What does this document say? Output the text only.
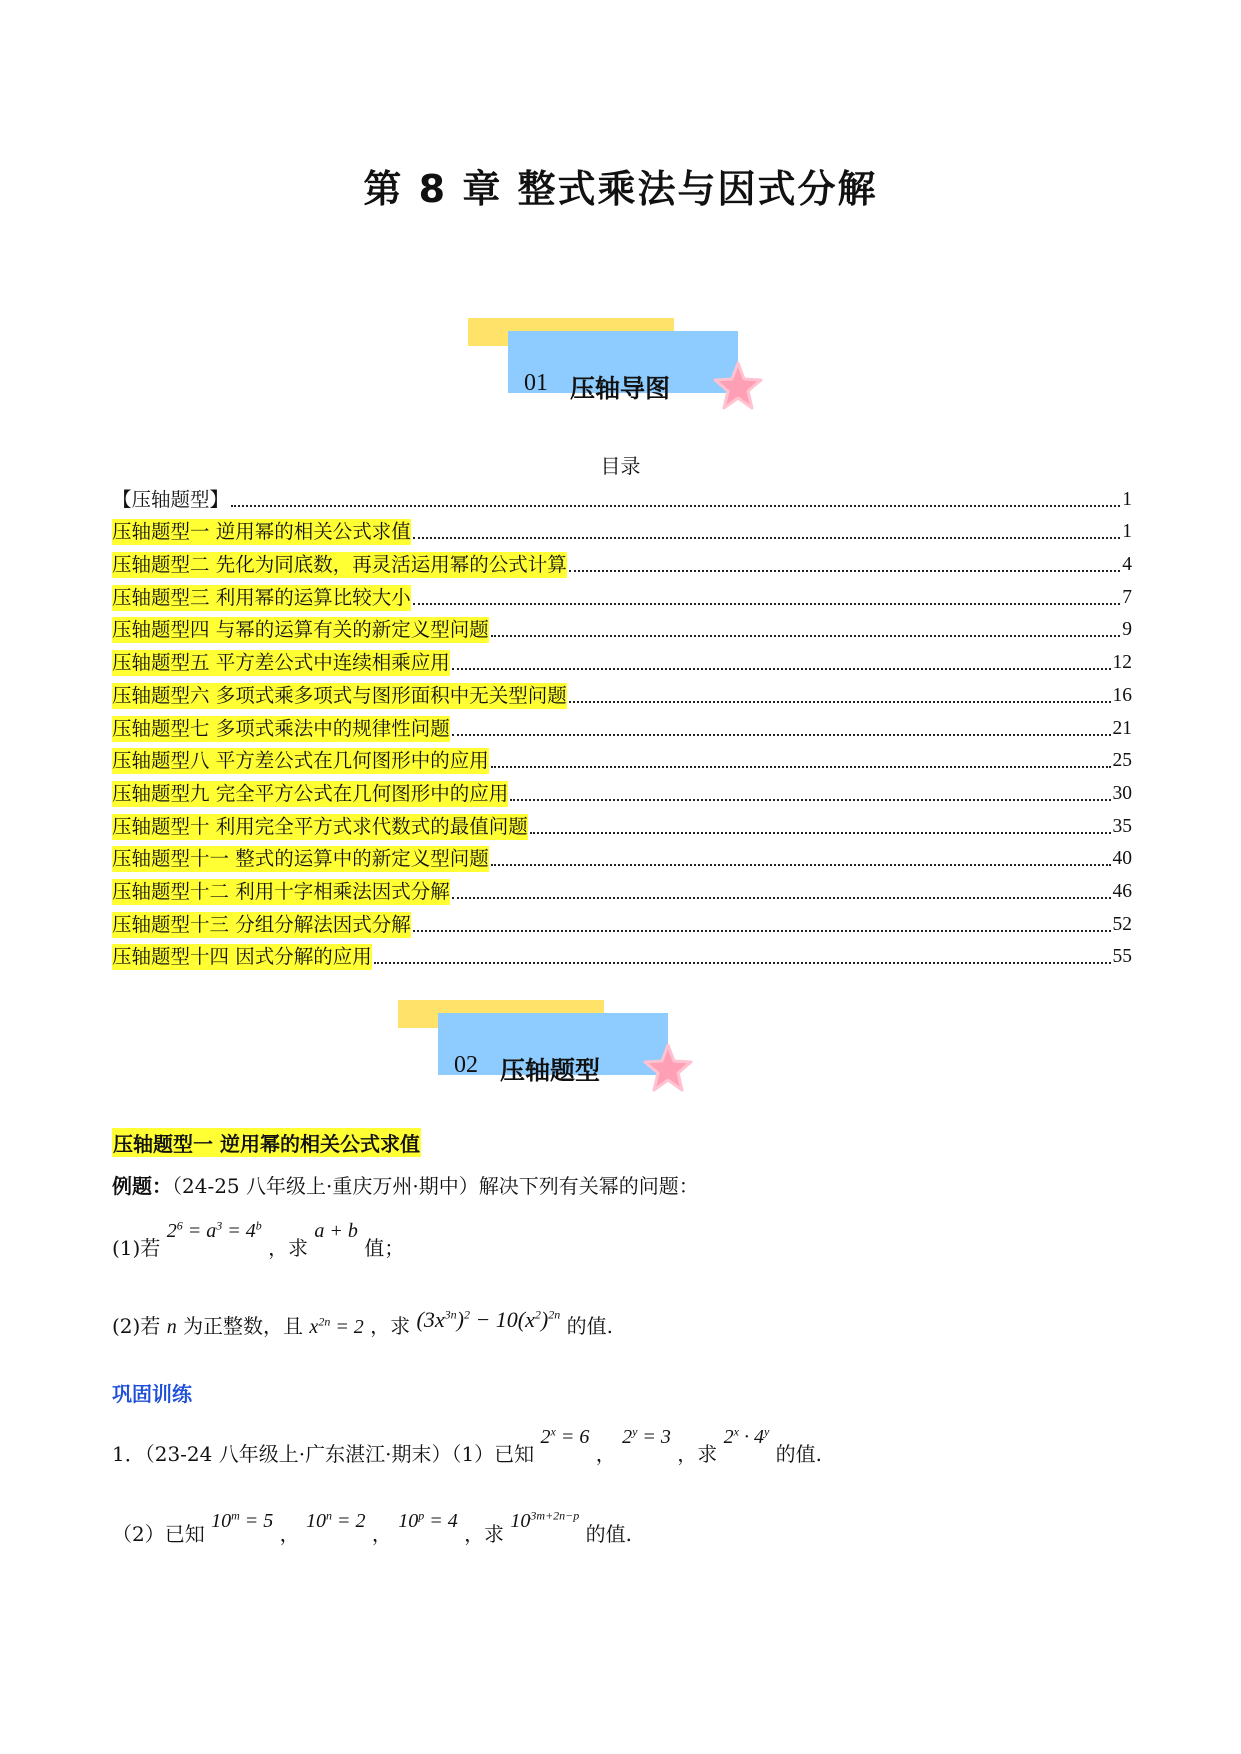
第 8 章 整式乘法与因式分解
01 压轴导图
目录
【压轴题型】	1
压轴题型一 逆用幂的相关公式求值	1
压轴题型二 先化为同底数，再灵活运用幂的公式计算	4
压轴题型三 利用幂的运算比较大小	7
压轴题型四 与幂的运算有关的新定义型问题	9
压轴题型五 平方差公式中连续相乘应用	12
压轴题型六 多项式乘多项式与图形面积中无关型问题	16
压轴题型七 多项式乘法中的规律性问题	21
压轴题型八 平方差公式在几何图形中的应用	25
压轴题型九 完全平方公式在几何图形中的应用	30
压轴题型十 利用完全平方式求代数式的最值问题	35
压轴题型十一 整式的运算中的新定义型问题	40
压轴题型十二 利用十字相乘法因式分解	46
压轴题型十三 分组分解法因式分解	52
压轴题型十四 因式分解的应用	55
02 压轴题型
压轴题型一 逆用幂的相关公式求值
例题：（24-25 八年级上·重庆万州·期中）解决下列有关幂的问题：
(1)若 $2^6 = a^3 = 4^b$ ，求 a + b 值；
(2)若 n 为正整数，且 $x^{2n} = 2$ ，求 $(3x^{3n})^2 - 10(x^2)^{2n}$ 的值.
巩固训练
1．（23-24 八年级上·广东湛江·期末）（1）已知 $2^x = 6$ ， $2^y = 3$ ，求 $2^x \cdot 4^y$ 的值.
（2）已知 $10^m = 5$ ， $10^n = 2$ ， $10^p = 4$ ，求 $10^{3m+2n-p}$ 的值.
